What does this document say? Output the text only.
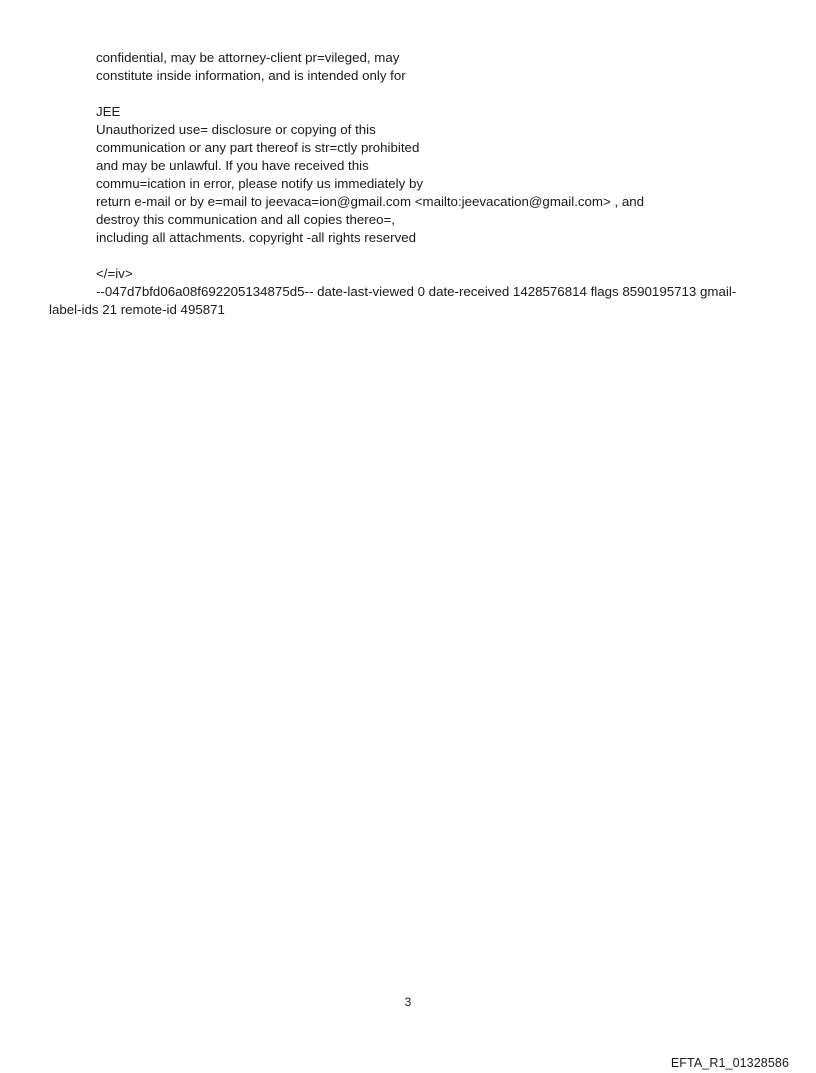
confidential, may be attorney-client pr=vileged, may
constitute inside information, and is intended only for
JEE
Unauthorized use= disclosure or copying of this
communication or any part thereof is str=ctly prohibited
and may be unlawful. If you have received this
commu=ication in error, please notify us immediately by
return e-mail or by e=mail to jeevaca=ion@gmail.com <mailto:jeevacation@gmail.com> , and
destroy this communication and all copies thereo=,
including all attachments. copyright -all rights reserved
</=iv>
--047d7bfd06a08f692205134875d5-- date-last-viewed 0 date-received 1428576814 flags 8590195713 gmail-
label-ids 21 remote-id 495871
3
EFTA_R1_01328586
